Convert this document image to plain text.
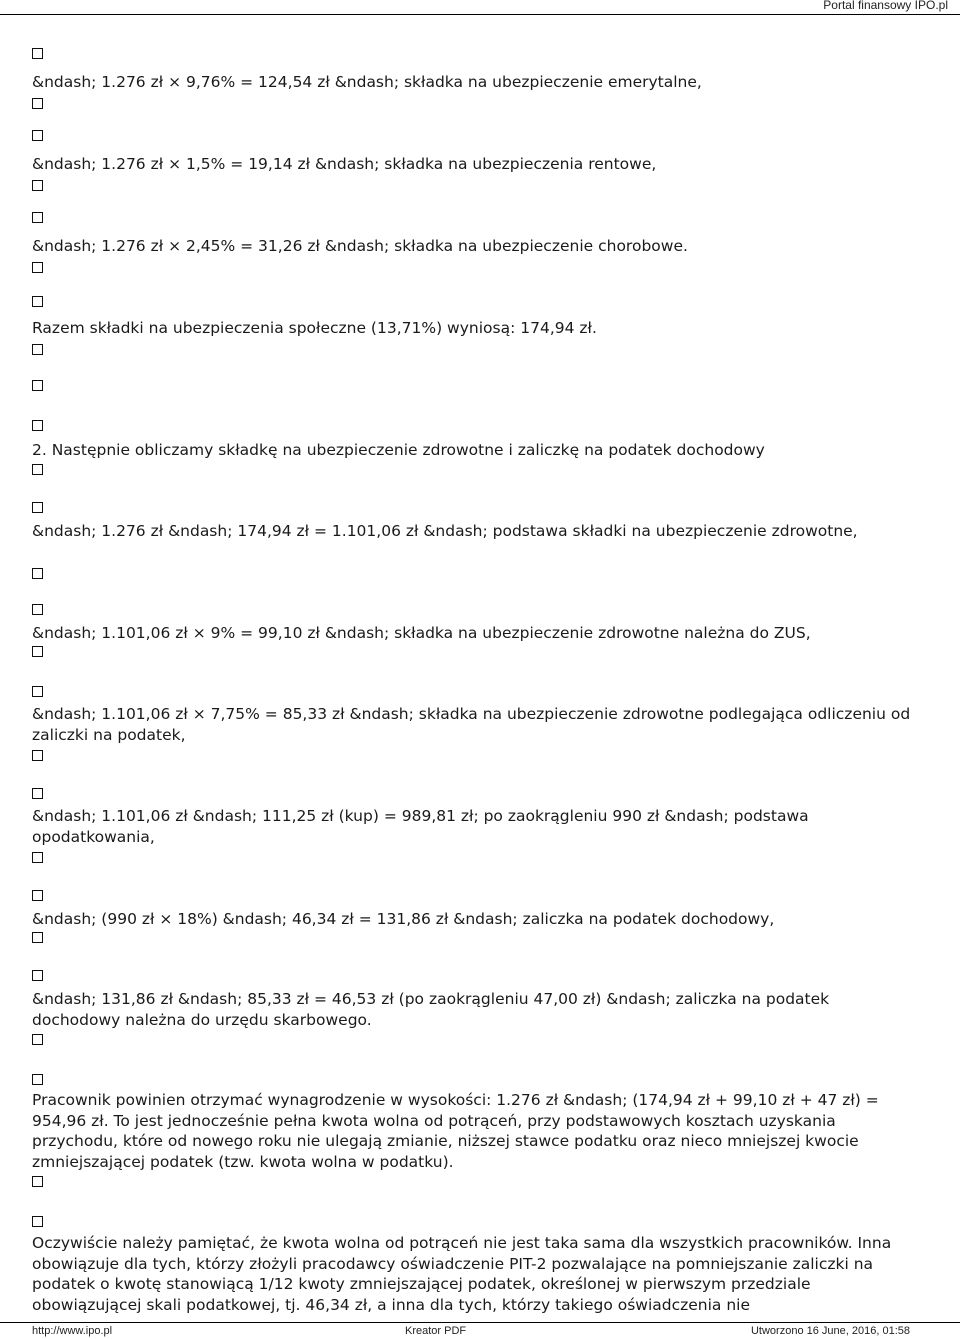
Portal finansowy IPO.pl
&ndash; 1.276 zł × 9,76% = 124,54 zł &ndash; składka na ubezpieczenie emerytalne,
&ndash; 1.276 zł × 1,5% = 19,14 zł &ndash; składka na ubezpieczenia rentowe,
&ndash; 1.276 zł × 2,45% = 31,26 zł &ndash; składka na ubezpieczenie chorobowe.
Razem składki na ubezpieczenia społeczne (13,71%) wyniosą: 174,94 zł.
2. Następnie obliczamy składkę na ubezpieczenie zdrowotne i zaliczkę na podatek dochodowy
&ndash; 1.276 zł &ndash; 174,94 zł = 1.101,06 zł &ndash; podstawa składki na ubezpieczenie zdrowotne,
&ndash; 1.101,06 zł × 9% = 99,10 zł &ndash; składka na ubezpieczenie zdrowotne należna do ZUS,
&ndash; 1.101,06 zł × 7,75% = 85,33 zł &ndash; składka na ubezpieczenie zdrowotne podlegająca odliczeniu od zaliczki na podatek,
&ndash; 1.101,06 zł &ndash; 111,25 zł (kup) = 989,81 zł; po zaokrągleniu 990 zł &ndash; podstawa opodatkowania,
&ndash; (990 zł × 18%) &ndash; 46,34 zł = 131,86 zł &ndash; zaliczka na podatek dochodowy,
&ndash; 131,86 zł &ndash; 85,33 zł = 46,53 zł (po zaokrągleniu 47,00 zł) &ndash; zaliczka na podatek dochodowy należna do urzędu skarbowego.
Pracownik powinien otrzymać wynagrodzenie w wysokości: 1.276 zł &ndash; (174,94 zł + 99,10 zł + 47 zł) = 954,96 zł. To jest jednocześnie pełna kwota wolna od potrąceń, przy podstawowych kosztach uzyskania przychodu, które od nowego roku nie ulegają zmianie, niższej stawce podatku oraz nieco mniejszej kwocie zmniejszającej podatek (tzw. kwota wolna w podatku).
Oczywiście należy pamiętać, że kwota wolna od potrąceń nie jest taka sama dla wszystkich pracowników. Inna obowiązuje dla tych, którzy złożyli pracodawcy oświadczenie PIT-2 pozwalające na pomniejszanie zaliczki na podatek o kwotę stanowiącą 1/12 kwoty zmniejszającej podatek, określonej w pierwszym przedziale obowiązującej skali podatkowej, tj. 46,34 zł, a inna dla tych, którzy takiego oświadczenia nie
http://www.ipo.pl	Kreator PDF	Utworzono 16 June, 2016, 01:58
